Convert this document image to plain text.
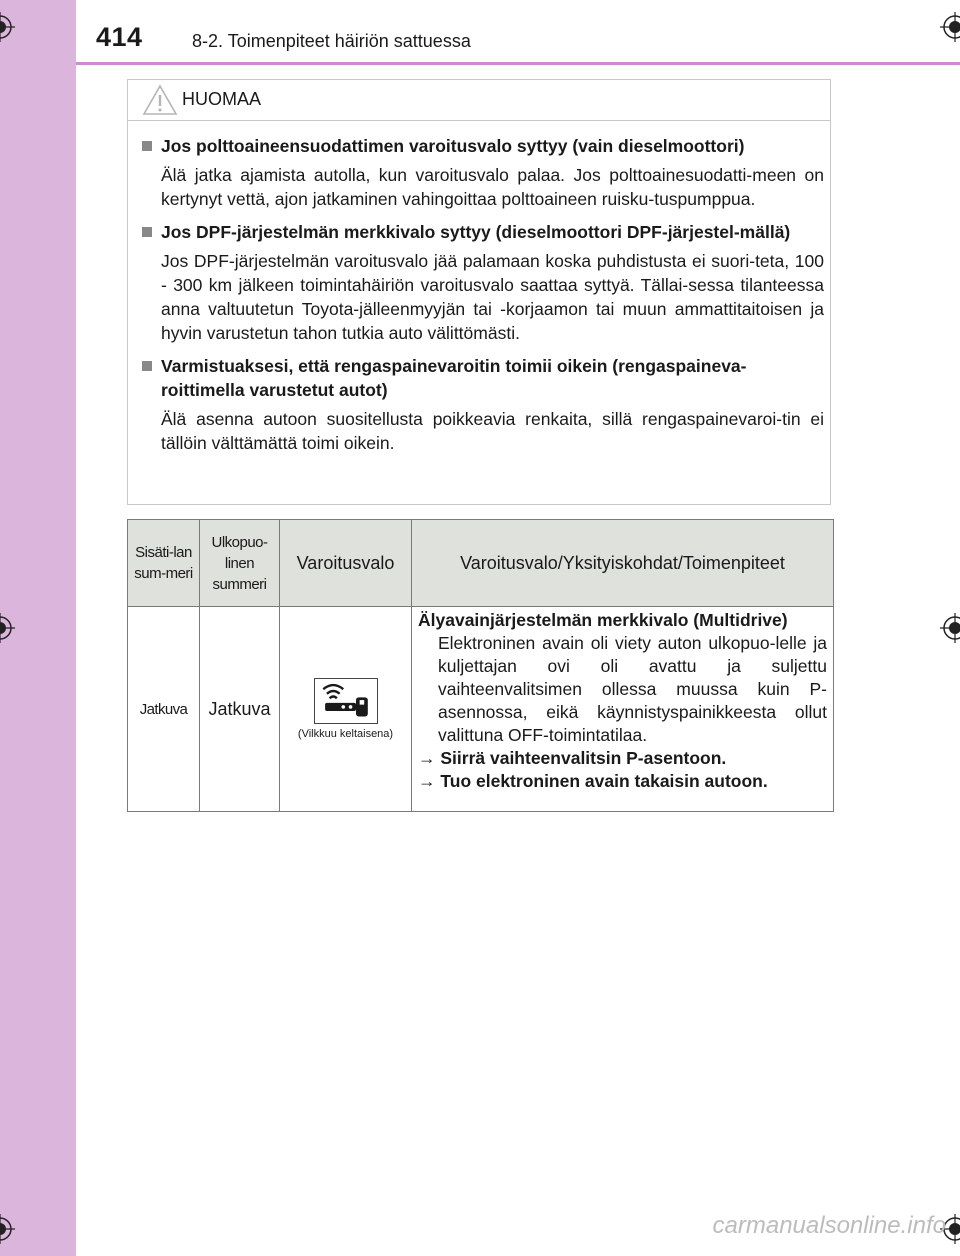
414	8-2. Toimenpiteet häiriön sattuessa
HUOMAA
Jos polttoaineensuodattimen varoitusvalo syttyy (vain dieselmoottori)
Älä jatka ajamista autolla, kun varoitusvalo palaa. Jos polttoainesuodatti-meen on kertynyt vettä, ajon jatkaminen vahingoittaa polttoaineen ruisku-tuspumppua.
Jos DPF-järjestelmän merkkivalo syttyy (dieselmoottori DPF-järjestel-mällä)
Jos DPF-järjestelmän varoitusvalo jää palamaan koska puhdistusta ei suori-teta, 100 - 300 km jälkeen toimintahäiriön varoitusvalo saattaa syttyä. Tällai-sessa tilanteessa anna valtuutetun Toyota-jälleenmyyjän tai -korjaamon tai muun ammattitaitoisen ja hyvin varustetun tahon tutkia auto välittömästi.
Varmistuaksesi, että rengaspainevaroitin toimii oikein (rengaspaineva-roittimella varustetut autot)
Älä asenna autoon suositellusta poikkeavia renkaita, sillä rengaspainevaroi-tin ei tällöin välttämättä toimi oikein.
Sisäti-lan sum-meri	Ulkopuo-linen summeri	Varoitusvalo	Varoitusvalo/Yksityiskohdat/Toimenpiteet
Jatkuva	Jatkuva	(Vilkkuu keltaisena)	Älyavainjärjestelmän merkkivalo (Multidrive)
Elektroninen avain oli viety auton ulkopuo-lelle ja kuljettajan ovi oli avattu ja suljettu vaihteenvalitsimen ollessa muussa kuin P-asennossa, eikä käynnistyspainikkeesta ollut valittuna OFF-toimintatilaa.
→ Siirrä vaihteenvalitsin P-asentoon.
→ Tuo elektroninen avain takaisin autoon.
carmanualsonline.info
